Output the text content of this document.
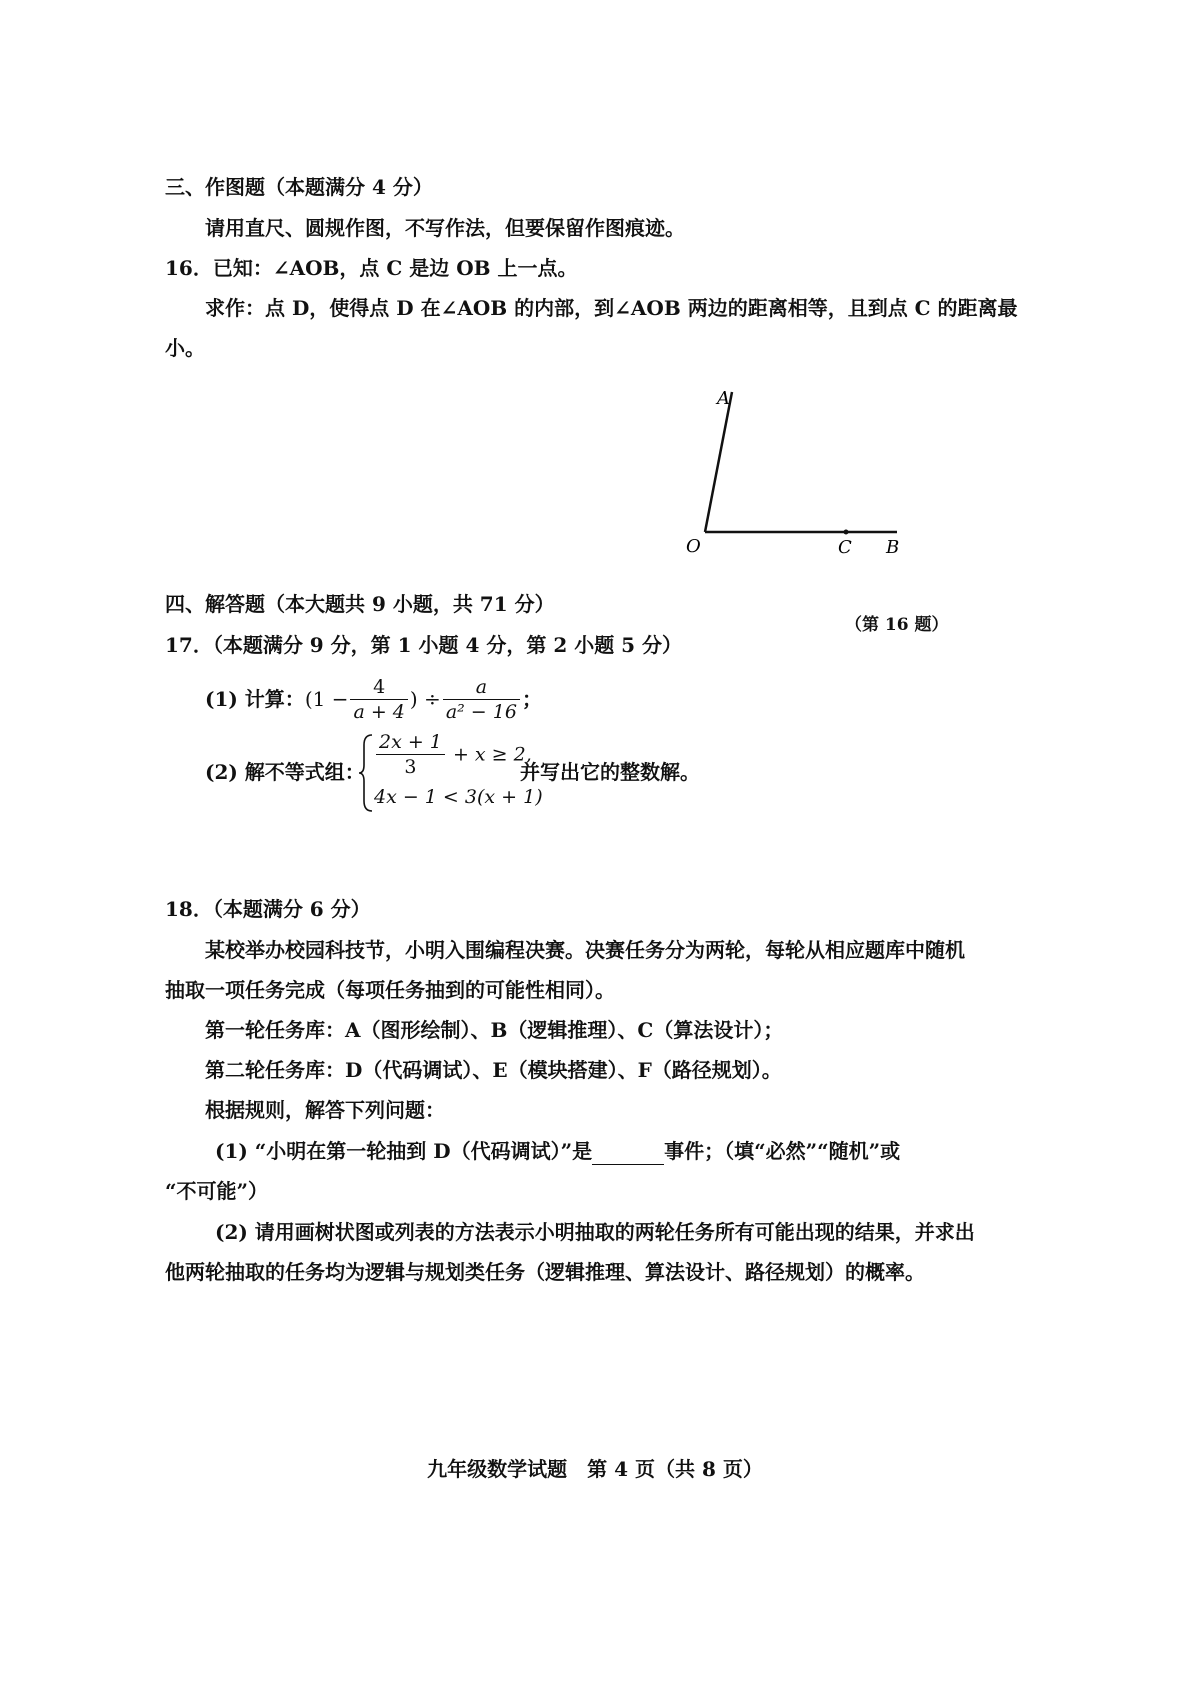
三、作图题（本题满分 4 分）
请用直尺、圆规作图，不写作法，但要保留作图痕迹。
16．已知：∠AOB，点 C 是边 OB 上一点。
求作：点 D，使得点 D 在∠AOB 的内部，到∠AOB 两边的距离相等，且到点 C 的距离最
小。
A
O	C B
（第 16 题）
四、解答题（本大题共 9 小题，共 71 分）
17．（本题满分 9 分，第 1 小题 4 分，第 2 小题 5 分）
(1) 计算： ($1 - \frac{4}{a + 4}$ ) ÷ $\frac{a}{\text{a² − 16}}$ ；
(2) 解不等式组： $\frac{2x + 1}{3} + x \ge 2$,
4x − 1 < 3(x + 1)
并写出它的整数解。
18．（本题满分 6 分）
某校举办校园科技节，小明入围编程决赛。决赛任务分为两轮，每轮从相应题库中随机
抽取一项任务完成（每项任务抽到的可能性相同）。
第一轮任务库：A（图形绘制）、B（逻辑推理）、C（算法设计）；
第二轮任务库：D（代码调试）、E（模块搭建）、F（路径规划）。
根据规则，解答下列问题：
(1) “小明在第一轮抽到 D（代码调试）”是	事件；（填“必然”“随机”或
“不可能”）
(2) 请用画树状图或列表的方法表示小明抽取的两轮任务所有可能出现的结果，并求出
他两轮抽取的任务均为逻辑与规划类任务（逻辑推理、算法设计、路径规划）的概率。
九年级数学试题　第 4 页（共 8 页）
